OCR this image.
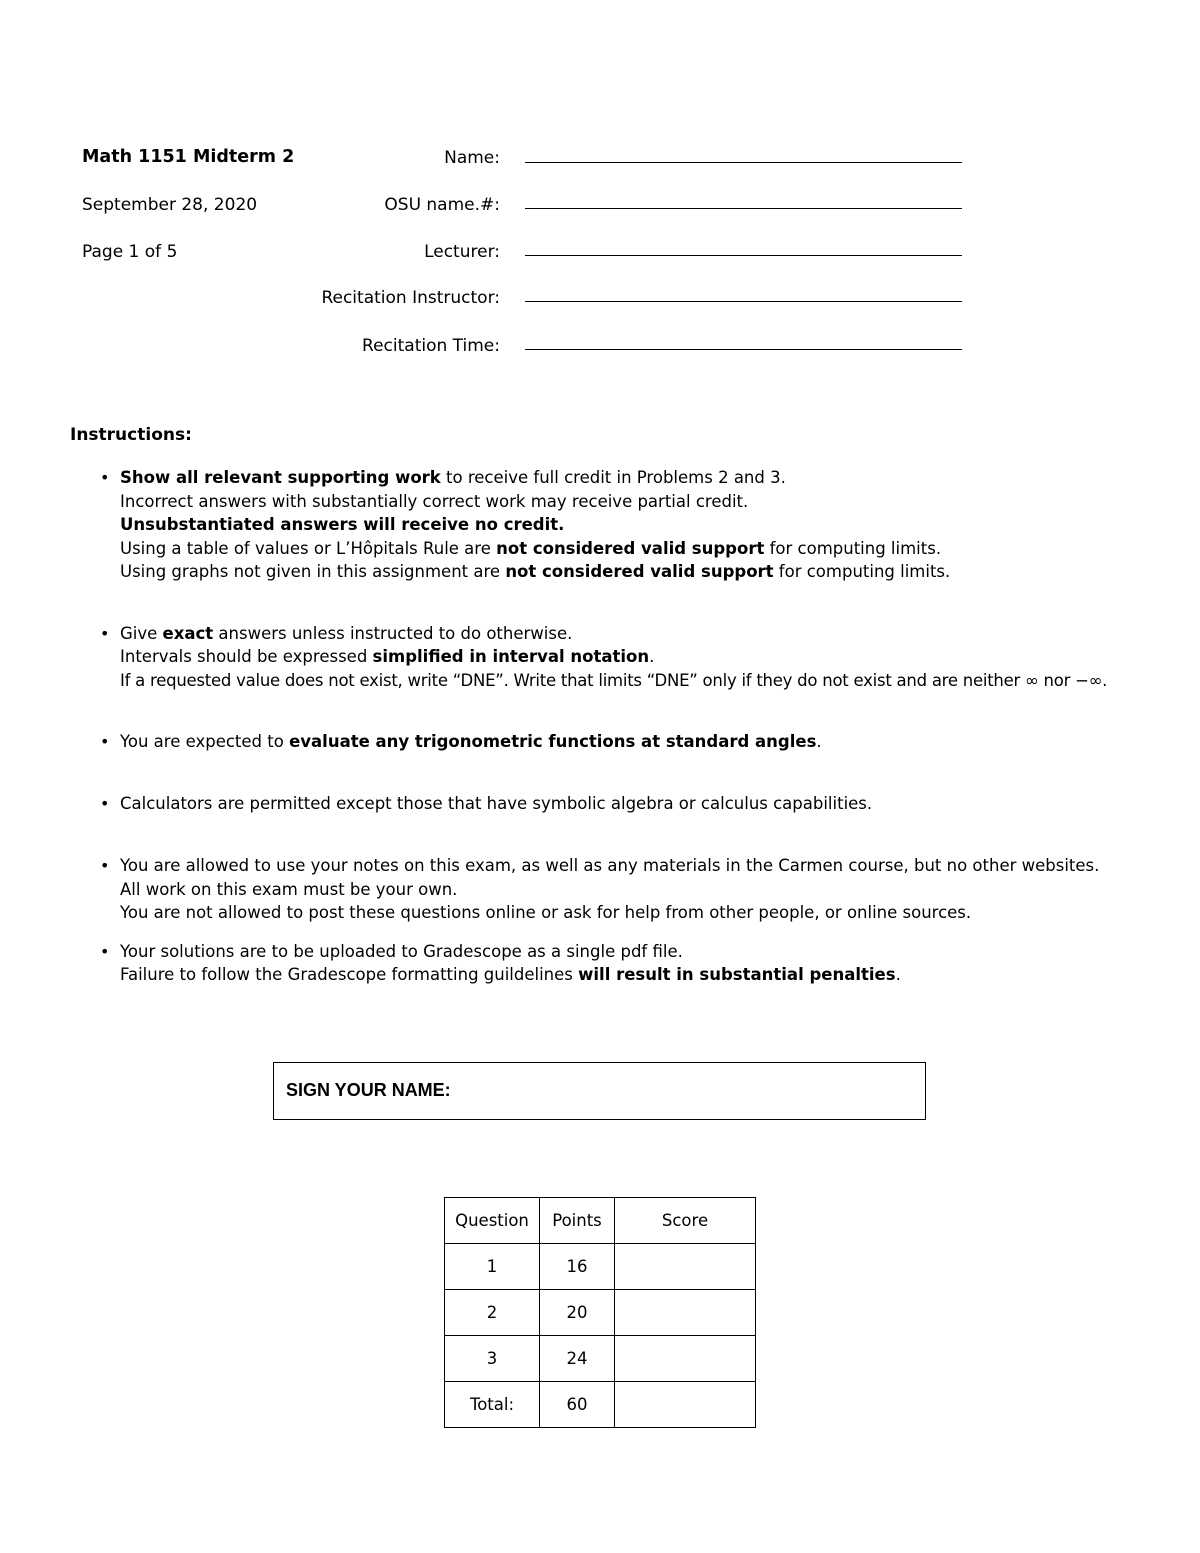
Math 1151 Midterm 2
September 28, 2020
Page 1 of 5
Name:
OSU name.#:
Lecturer:
Recitation Instructor:
Recitation Time:
Instructions:
• Show all relevant supporting work to receive full credit in Problems 2 and 3.
Incorrect answers with substantially correct work may receive partial credit.
Unsubstantiated answers will receive no credit.
Using a table of values or L’Hôpitals Rule are not considered valid support for computing limits.
Using graphs not given in this assignment are not considered valid support for computing limits.
• Give exact answers unless instructed to do otherwise.
Intervals should be expressed simplified in interval notation.
If a requested value does not exist, write “DNE”. Write that limits “DNE” only if they do not exist and are neither ∞ nor −∞.
• You are expected to evaluate any trigonometric functions at standard angles.
• Calculators are permitted except those that have symbolic algebra or calculus capabilities.
• You are allowed to use your notes on this exam, as well as any materials in the Carmen course, but no other websites.
All work on this exam must be your own.
You are not allowed to post these questions online or ask for help from other people, or online sources.
• Your solutions are to be uploaded to Gradescope as a single pdf file.
Failure to follow the Gradescope formatting guildelines will result in substantial penalties.
SIGN YOUR NAME:
Question	Points	Score
1	16	
2	20	
3	24	
Total:	60	
